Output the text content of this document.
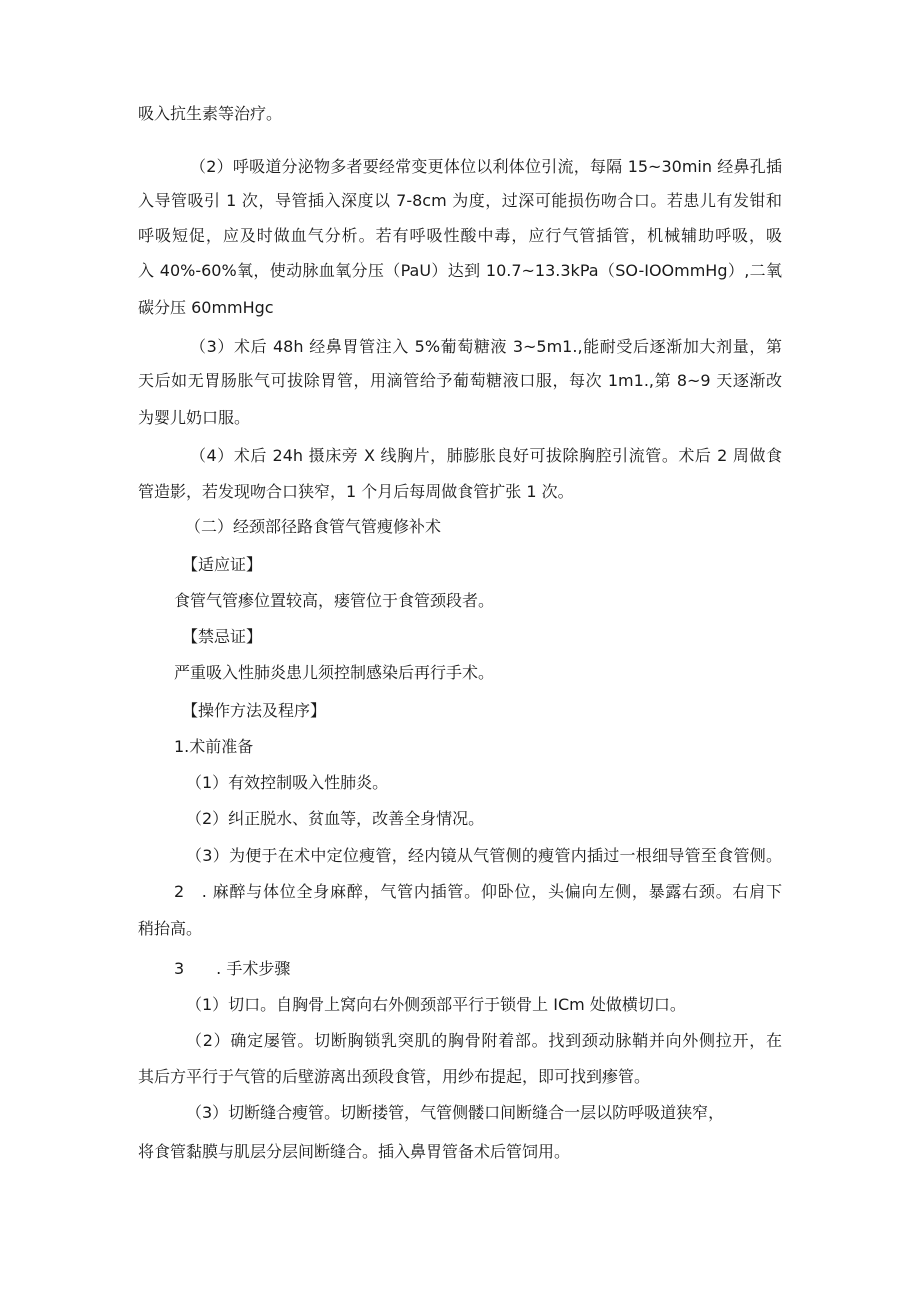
吸入抗生素等治疗。
（2）呼吸道分泌物多者要经常变更体位以利体位引流，每隔 15~30min 经鼻孔插
入导管吸引 1 次，导管插入深度以 7-8cm 为度，过深可能损伤吻合口。若患儿有发钳和
呼吸短促，应及时做血气分析。若有呼吸性酸中毒，应行气管插管，机械辅助呼吸，吸
入 40%-60%氧，使动脉血氧分压（PaU）达到 10.7~13.3kPa（SO-IOOmmHg）,二氧
碳分压 60mmHgc
（3）术后 48h 经鼻胃管注入 5%葡萄糖液 3~5m1.,能耐受后逐渐加大剂量，第
天后如无胃肠胀气可拔除胃管，用滴管给予葡萄糖液口服，每次 1m1.,第 8~9 天逐渐改
为婴儿奶口服。
（4）术后 24h 摄床旁 X 线胸片，肺膨胀良好可拔除胸腔引流管。术后 2 周做食
管造影，若发现吻合口狭窄，1 个月后每周做食管扩张 1 次。
（二）经颈部径路食管气管瘦修补术
【适应证】
食管气管瘆位置较高，瘘管位于食管颈段者。
【禁忌证】
严重吸入性肺炎患儿须控制感染后再行手术。
【操作方法及程序】
1.术前准备
（1）有效控制吸入性肺炎。
（2）纠正脱水、贫血等，改善全身情况。
（3）为便于在术中定位瘦管，经内镜从气管侧的瘦管内插过一根细导管至食管侧。
2　. 麻醉与体位全身麻醉，气管内插管。仰卧位，头偏向左侧，暴露右颈。右肩下
稍抬高。
3　　. 手术步骤
（1）切口。自胸骨上窝向右外侧颈部平行于锁骨上 ICm 处做横切口。
（2）确定屡管。切断胸锁乳突肌的胸骨附着部。找到颈动脉鞘并向外侧拉开，在
其后方平行于气管的后壁游离出颈段食管，用纱布提起，即可找到瘆管。
（3）切断缝合瘦管。切断搂管，气管侧髅口间断缝合一层以防呼吸道狭窄，
将食管黏膜与肌层分层间断缝合。插入鼻胃管备术后管饲用。
